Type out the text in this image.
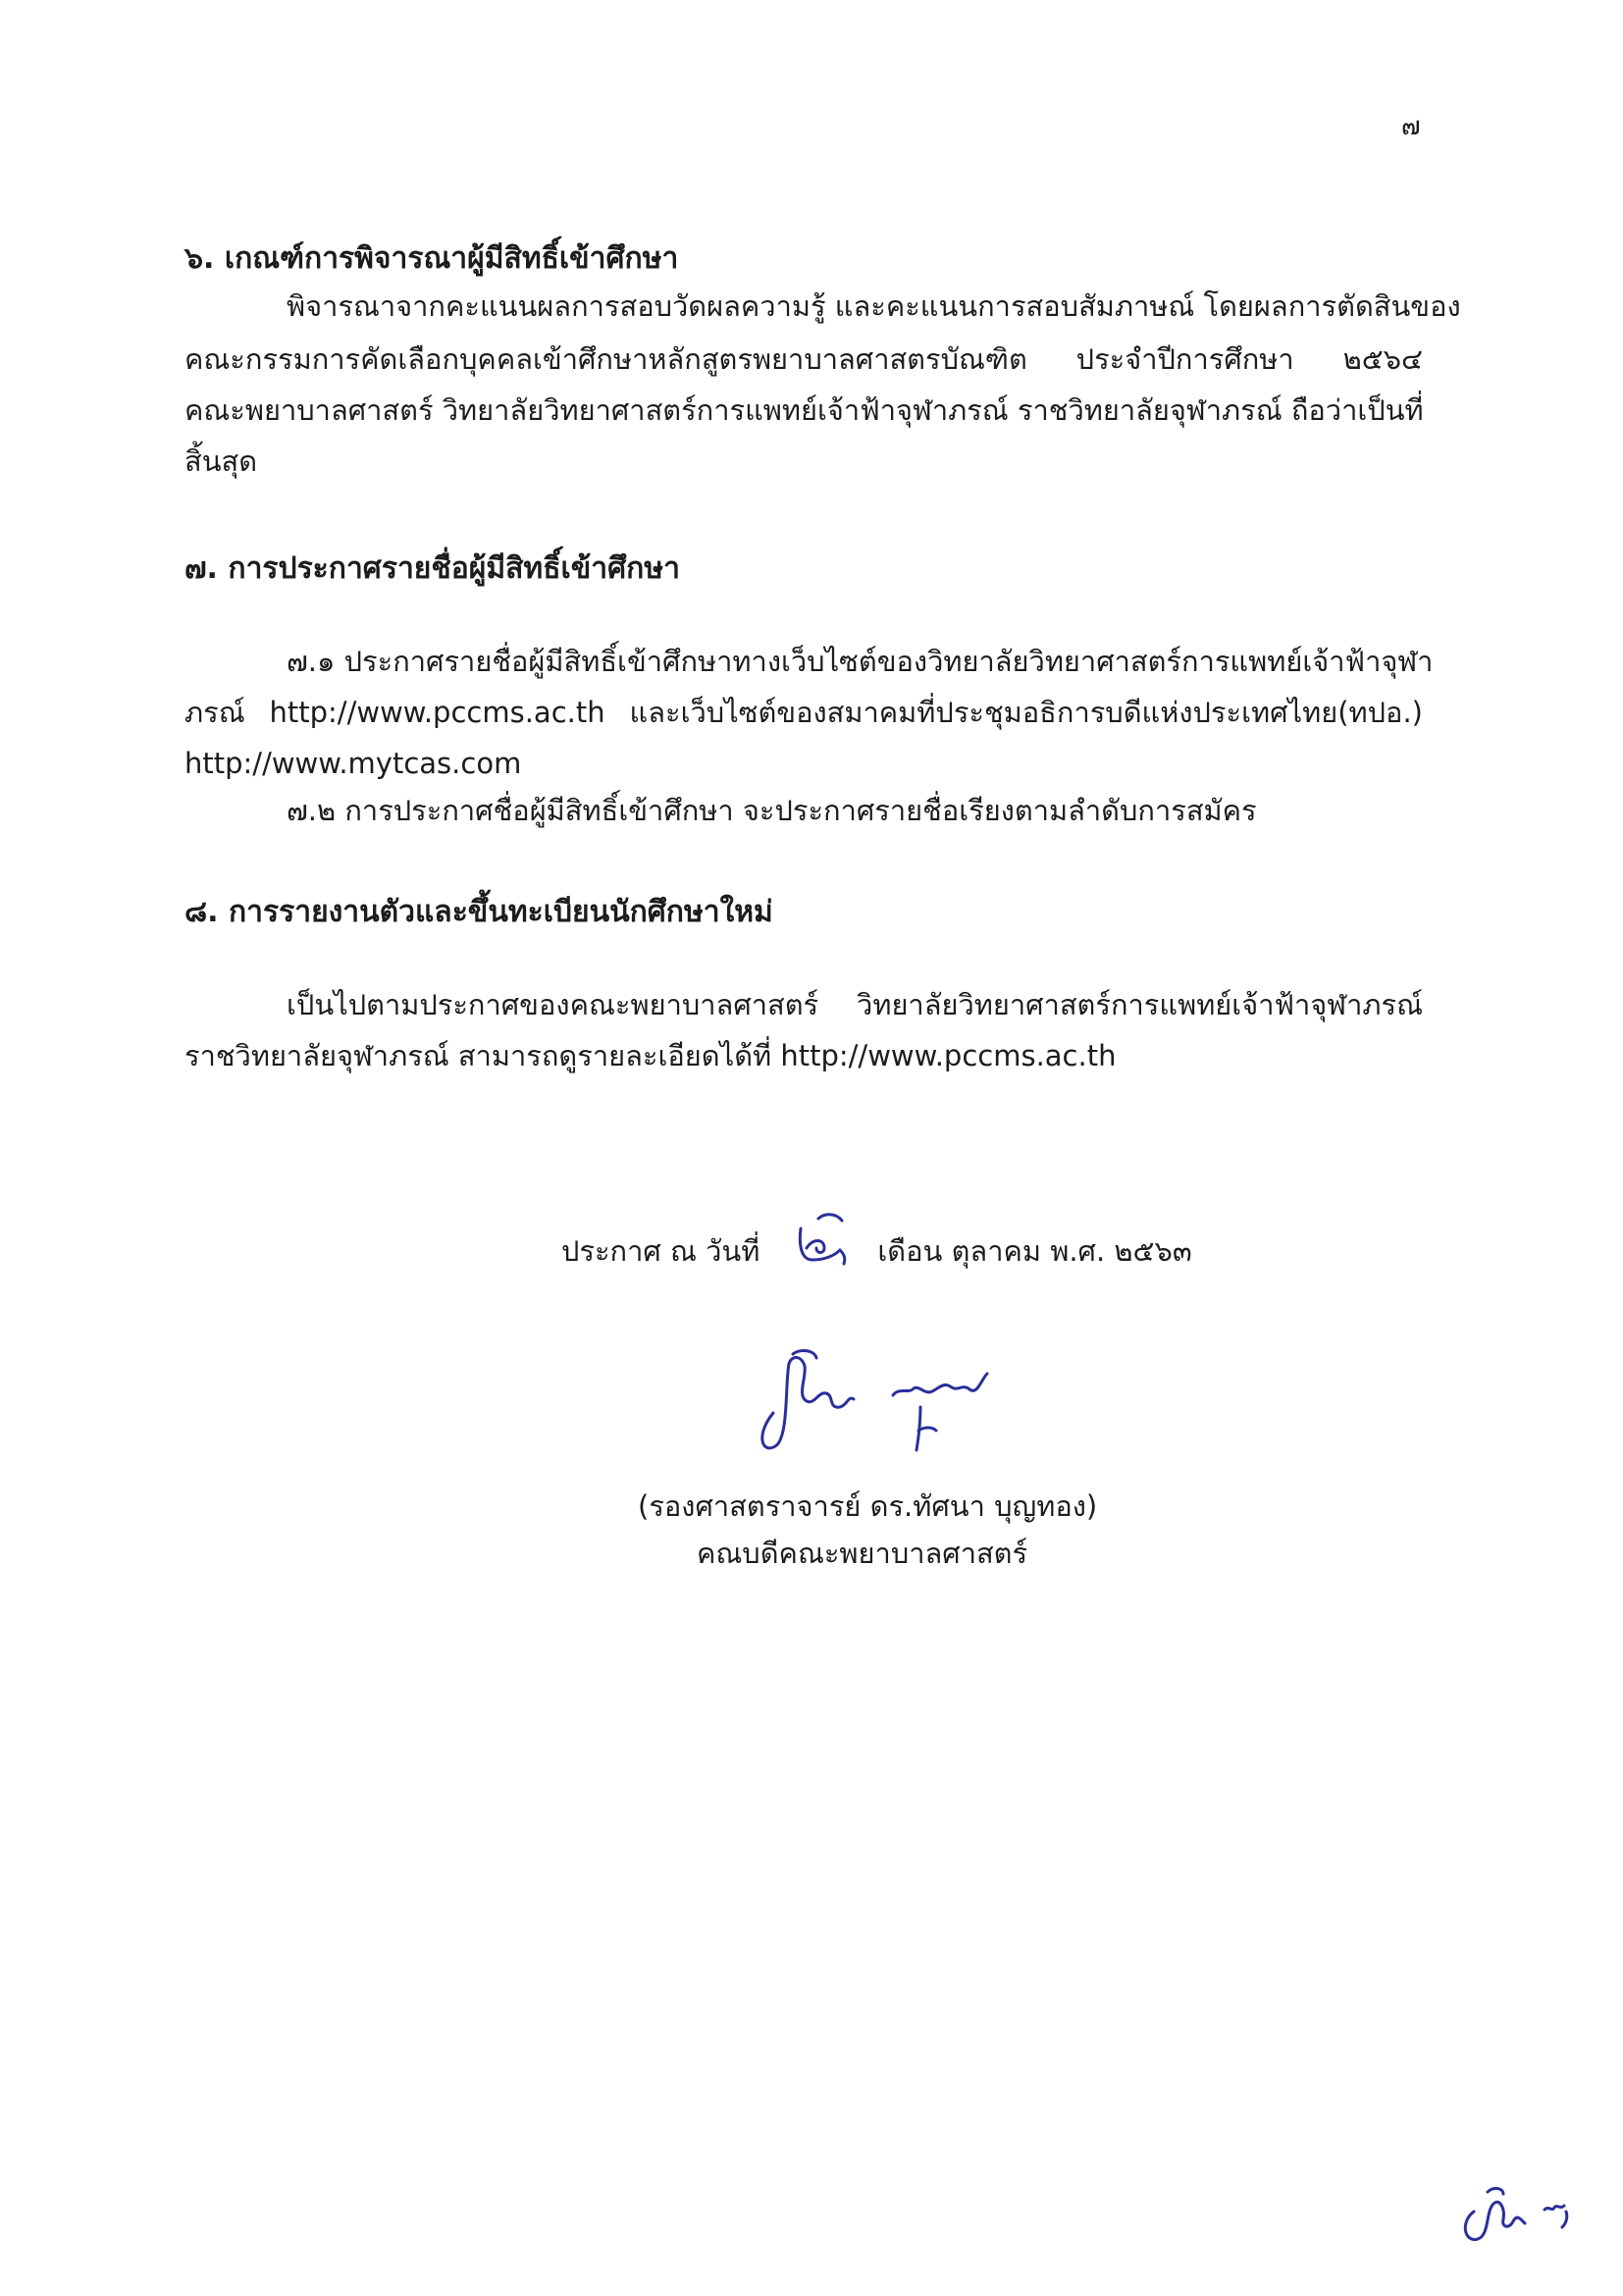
๗
๖. เกณฑ์การพิจารณาผู้มีสิทธิ์เข้าศึกษา
พิจารณาจากคะแนนผลการสอบวัดผลความรู้ และคะแนนการสอบสัมภาษณ์ โดยผลการตัดสินของ
คณะกรรมการคัดเลือกบุคคลเข้าศึกษาหลักสูตรพยาบาลศาสตรบัณฑิต ประจำปีการศึกษา ๒๕๖๔
คณะพยาบาลศาสตร์ วิทยาลัยวิทยาศาสตร์การแพทย์เจ้าฟ้าจุฬาภรณ์ ราชวิทยาลัยจุฬาภรณ์ ถือว่าเป็นที่
สิ้นสุด
๗. การประกาศรายชื่อผู้มีสิทธิ์เข้าศึกษา
๗.๑ ประกาศรายชื่อผู้มีสิทธิ์เข้าศึกษาทางเว็บไซต์ของวิทยาลัยวิทยาศาสตร์การแพทย์เจ้าฟ้าจุฬา
ภรณ์ http://www.pccms.ac.th และเว็บไซต์ของสมาคมที่ประชุมอธิการบดีแห่งประเทศไทย(ทปอ.)
http://www.mytcas.com
๗.๒ การประกาศชื่อผู้มีสิทธิ์เข้าศึกษา จะประกาศรายชื่อเรียงตามลำดับการสมัคร
๘. การรายงานตัวและขึ้นทะเบียนนักศึกษาใหม่
เป็นไปตามประกาศของคณะพยาบาลศาสตร์ วิทยาลัยวิทยาศาสตร์การแพทย์เจ้าฟ้าจุฬาภรณ์
ราชวิทยาลัยจุฬาภรณ์ สามารถดูรายละเอียดได้ที่ http://www.pccms.ac.th
ประกาศ ณ วันที่	เดือน ตุลาคม พ.ศ. ๒๕๖๓
(รองศาสตราจารย์ ดร.ทัศนา บุญทอง)
คณบดีคณะพยาบาลศาสตร์
